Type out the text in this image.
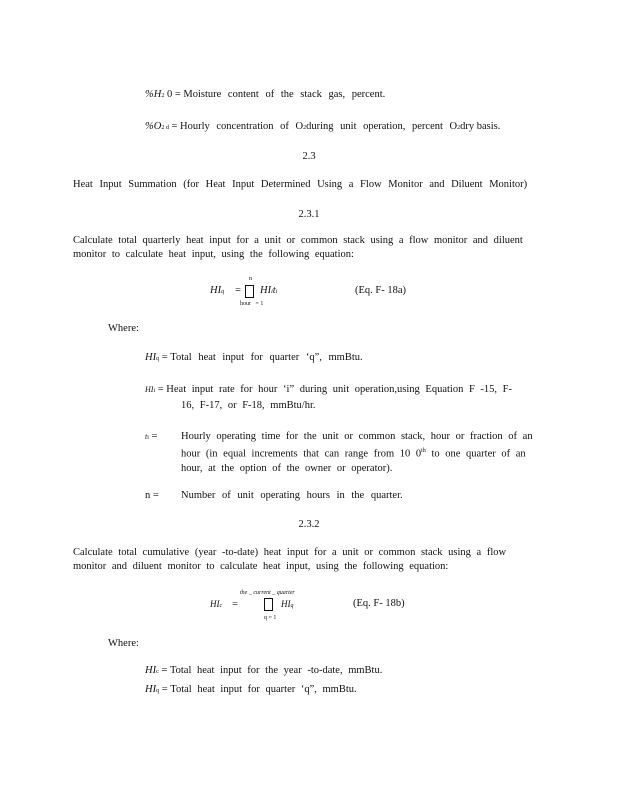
%H2 0 = Moisture content of the stack gas, percent.
%O2 d = Hourly concentration of O2during unit operation, percent O2dry basis.
2.3
Heat Input Summation (for Heat Input Determined Using a Flow Monitor and Diluent Monitor)
2.3.1
Calculate total quarterly heat input for a unit or common stack using a flow monitor and diluent
monitor to calculate heat input, using the following equation:
HIq =
n
hour = 1
HIiti	(Eq. F- 18a)
Where:
HIq = Total heat input for quarter ‘q”, mmBtu.
HIi = Heat input rate for hour ‘i” during unit operation,using Equation F -15, F-
16, F-17, or F-18, mmBtu/hr.
ti = Hourly operating time for the unit or common stack, hour or fraction of an
hour (in equal increments that can range from 10 0th to one quarter of an
hour, at the option of the owner or operator).
n = Number of unit operating hours in the quarter.
2.3.2
Calculate total cumulative (year -to-date) heat input for a unit or common stack using a flow
monitor and diluent monitor to calculate heat input, using the following equation:
HIc =
the _ current _ quarter
q = 1
HIq	(Eq. F- 18b)
Where:
HIc = Total heat input for the year -to-date, mmBtu.
HIq = Total heat input for quarter ‘q”, mmBtu.
